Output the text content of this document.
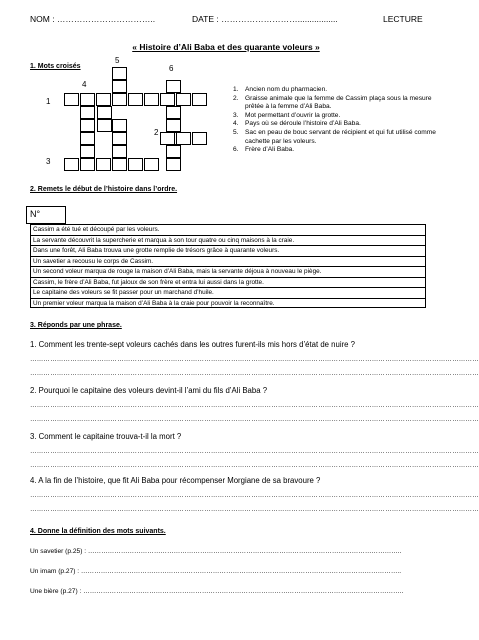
NOM : ……………………………..	DATE : ……………………….................	LECTURE
« Histoire d’Ali Baba et des quarante voleurs »
1. Mots croisés
5
6
4
1
2
3
1. Ancien nom du pharmacien.
2. Graisse animale que la femme de Cassim plaça sous la mesure prêtée à la femme d’Ali Baba.
3. Mot permettant d’ouvrir la grotte.
4. Pays où se déroule l’histoire d’Ali Baba.
5. Sac en peau de bouc servant de récipient et qui fut utilisé comme cachette par les voleurs.
6. Frère d’Ali Baba.
2. Remets le début de l’histoire dans l’ordre.
N°
Cassim a été tué et découpé par les voleurs.
La servante découvrit la supercherie et marqua à son tour quatre ou cinq maisons à la craie.
Dans une forêt, Ali Baba trouva une grotte remplie de trésors grâce à quarante voleurs.
Un savetier a recousu le corps de Cassim.
Un second voleur marqua de rouge la maison d’Ali Baba, mais la servante déjoua à nouveau le piège.
Cassim, le frère d’Ali Baba, fut jaloux de son frère et entra lui aussi dans la grotte.
Le capitaine des voleurs se fit passer pour un marchand d’huile.
Un premier voleur marqua la maison d’Ali Baba à la craie pour pouvoir la reconnaître.
3. Réponds par une phrase.
1. Comment les trente-sept voleurs cachés dans les outres furent-ils mis hors d’état de nuire ?
…………………………………………………………………………………………………………………………………………………………………………………
…………………………………………………………………………………………………………………………………………………………………………………
2. Pourquoi le capitaine des voleurs devint-il l’ami du fils d’Ali Baba ?
…………………………………………………………………………………………………………………………………………………………………………………
…………………………………………………………………………………………………………………………………………………………………………………
3. Comment le capitaine trouva-t-il la mort ?
…………………………………………………………………………………………………………………………………………………………………………………
…………………………………………………………………………………………………………………………………………………………………………………
4. A la fin de l’histoire, que fit Ali Baba pour récompenser Morgiane de sa bravoure ?
…………………………………………………………………………………………………………………………………………………………………………………
…………………………………………………………………………………………………………………………………………………………………………………
4. Donne la définition des mots suivants.
Un savetier (p.25) : ……………………………………………………………………………………………………………………………..
Un imam (p.27) : ………………………………………………………………………………………………………………………………..
Une bière (p.27) : ………………………………………………………………………………………………………………………………..
